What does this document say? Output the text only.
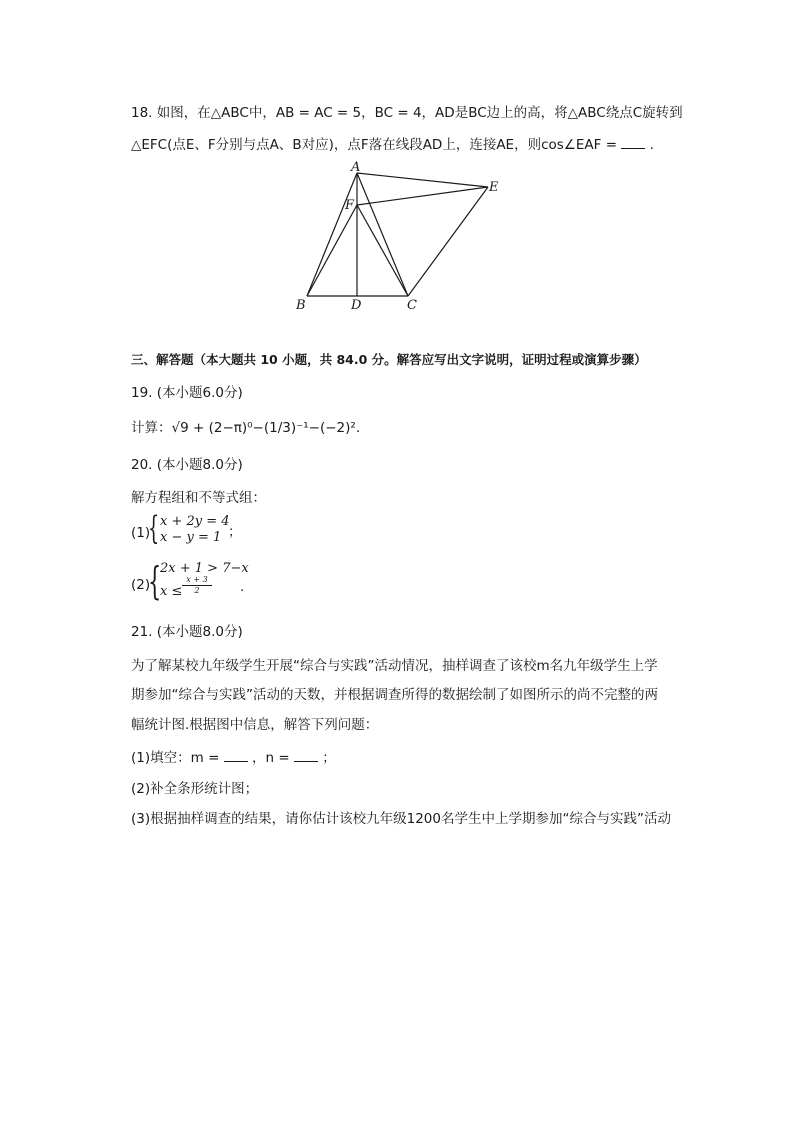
18. 如图，在△ABC中，AB = AC = 5，BC = 4，AD是BC边上的高，将△ABC绕点C旋转到
△EFC(点E、F分别与点A、B对应)，点F落在线段AD上，连接AE，则cos∠EAF = .
A
E
F
B	D	C
三、解答题（本大题共 10 小题，共 84.0 分。解答应写出文字说明，证明过程或演算步骤）
19. (本小题6.0分)
计算：√9 + (2−π)⁰−(1/3)⁻¹−(−2)².
20. (本小题8.0分)
解方程组和不等式组：
(1)
{ x + 2y = 4
x − y = 1 ；
(2)
{
2x + 1 > 7−x
$x \le \frac{x + 3}{2}$ .
21. (本小题8.0分)
为了解某校九年级学生开展“综合与实践”活动情况，抽样调查了该校m名九年级学生上学
期参加“综合与实践”活动的天数，并根据调查所得的数据绘制了如图所示的尚不完整的两
幅统计图.根据图中信息，解答下列问题：
(1)填空：m = ，n = ；
(2)补全条形统计图；
(3)根据抽样调查的结果，请你估计该校九年级1200名学生中上学期参加“综合与实践”活动
